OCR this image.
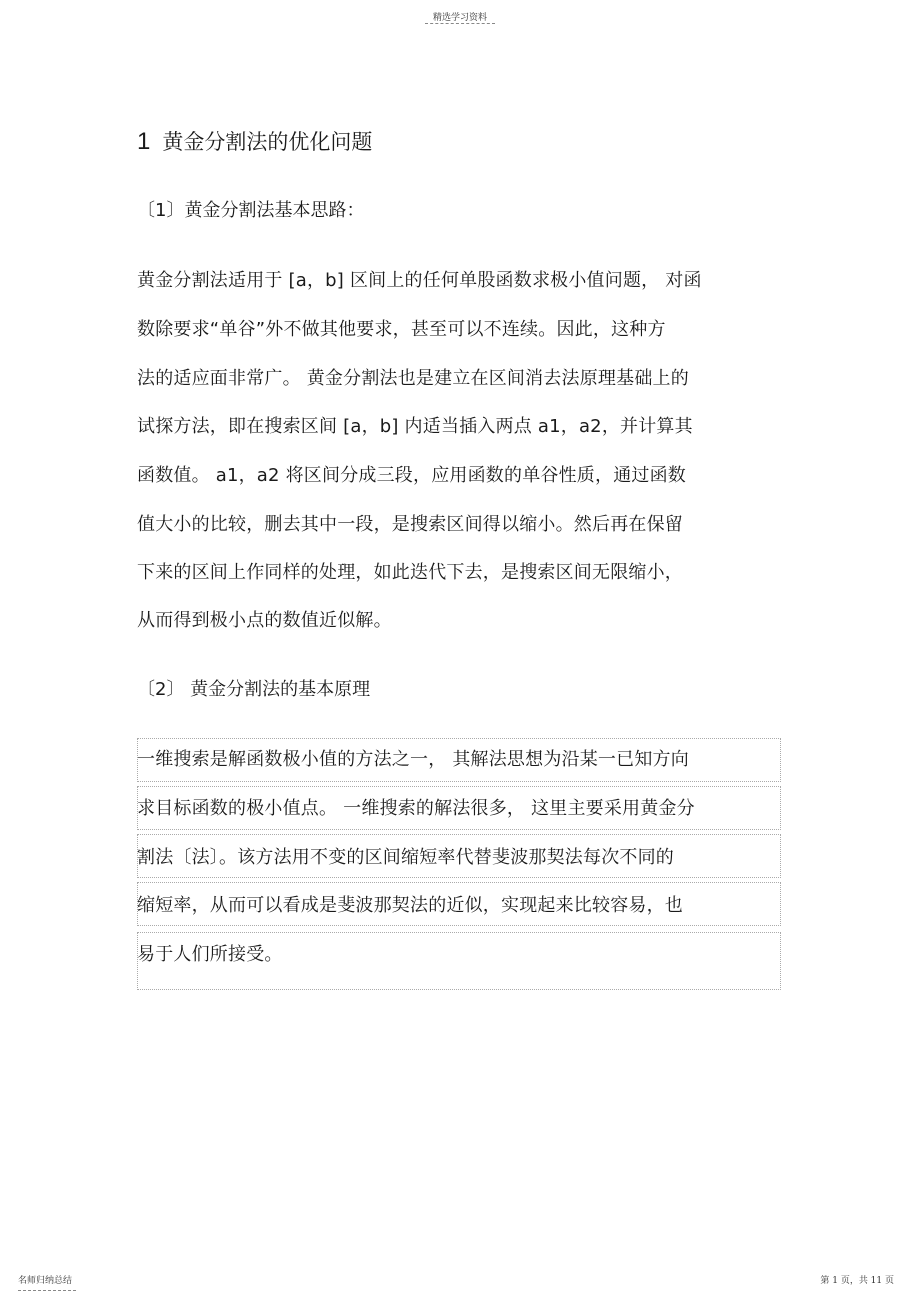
精选学习资料
1 黄金分割法的优化问题
〔1〕黄金分割法基本思路：
黄金分割法适用于 [a，b] 区间上的任何单股函数求极小值问题， 对函
数除要求“单谷”外不做其他要求，甚至可以不连续。因此，这种方
法的适应面非常广。 黄金分割法也是建立在区间消去法原理基础上的
试探方法，即在搜索区间 [a，b] 内适当插入两点 a1，a2，并计算其
函数值。 a1，a2 将区间分成三段，应用函数的单谷性质，通过函数
值大小的比较，删去其中一段，是搜索区间得以缩小。然后再在保留
下来的区间上作同样的处理，如此迭代下去，是搜索区间无限缩小，
从而得到极小点的数值近似解。
〔2〕 黄金分割法的基本原理
一维搜索是解函数极小值的方法之一， 其解法思想为沿某一已知方向
求目标函数的极小值点。 一维搜索的解法很多， 这里主要采用黄金分
割法〔法〕。该方法用不变的区间缩短率代替斐波那契法每次不同的
缩短率，从而可以看成是斐波那契法的近似，实现起来比较容易，也
易于人们所接受。
名师归纳总结	第 1 页，共 11 页
